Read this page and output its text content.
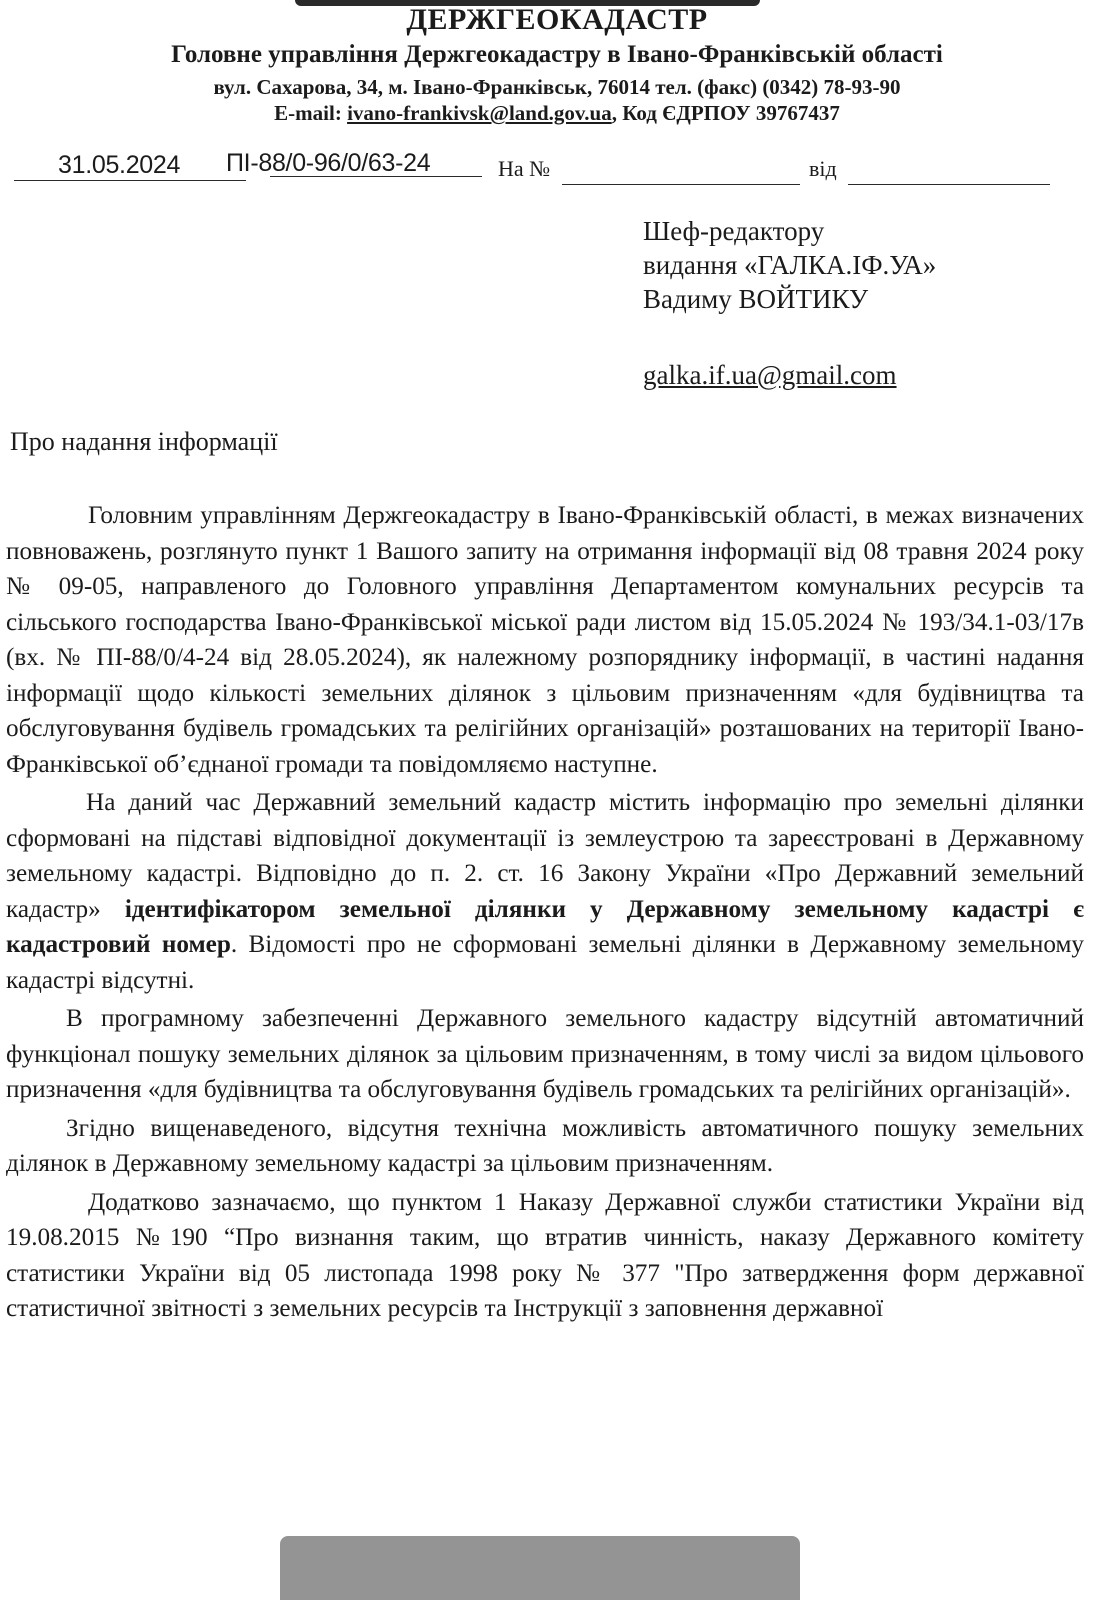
ДЕРЖГЕОКАДАСТР
Головне управління Держгеокадастру в Івано-Франківській області
вул. Сахарова, 34, м. Івано-Франківськ, 76014 тел. (факс) (0342) 78-93-90
E-mail: ivano-frankivsk@land.gov.ua, Код ЄДРПОУ 39767437
31.05.2024 ПІ-88/0-96/0/63-24	На №	від
Шеф-редактору
видання «ГАЛКА.ІФ.УА»
Вадиму ВОЙТИКУ
galka.if.ua@gmail.com
Про надання інформації

Головним управлінням Держгеокадастру в Івано-Франківській області, в межах визначених повноважень, розглянуто пункт 1 Вашого запиту на отримання інформації від 08 травня 2024 року № 09-05, направленого до Головного управління Департаментом комунальних ресурсів та сільського господарства Івано-Франківської міської ради листом від 15.05.2024 № 193/34.1-03/17в (вх. № ПІ-88/0/4-24 від 28.05.2024), як належному розпоряднику інформації, в частині надання інформації щодо кількості земельних ділянок з цільовим призначенням «для будівництва та обслуговування будівель громадських та релігійних організацій» розташованих на території Івано-Франківської об’єднаної громади та повідомляємо наступне.

На даний час Державний земельний кадастр містить інформацію про земельні ділянки сформовані на підставі відповідної документації із землеустрою та зареєстровані в Державному земельному кадастрі. Відповідно до п. 2. ст. 16 Закону України «Про Державний земельний кадастр» ідентифікатором земельної ділянки у Державному земельному кадастрі є кадастровий номер. Відомості про не сформовані земельні ділянки в Державному земельному кадастрі відсутні.

В програмному забезпеченні Державного земельного кадастру відсутній автоматичний функціонал пошуку земельних ділянок за цільовим призначенням, в тому числі за видом цільового призначення «для будівництва та обслуговування будівель громадських та релігійних організацій».

Згідно вищенаведеного, відсутня технічна можливість автоматичного пошуку земельних ділянок в Державному земельному кадастрі за цільовим призначенням.

Додатково зазначаємо, що пунктом 1 Наказу Державної служби статистики України від 19.08.2015 №190 “Про визнання таким, що втратив чинність, наказу Державного комітету статистики України від 05 листопада 1998 року № 377 "Про затвердження форм державної статистичної звітності з земельних ресурсів та Інструкції з заповнення державної
